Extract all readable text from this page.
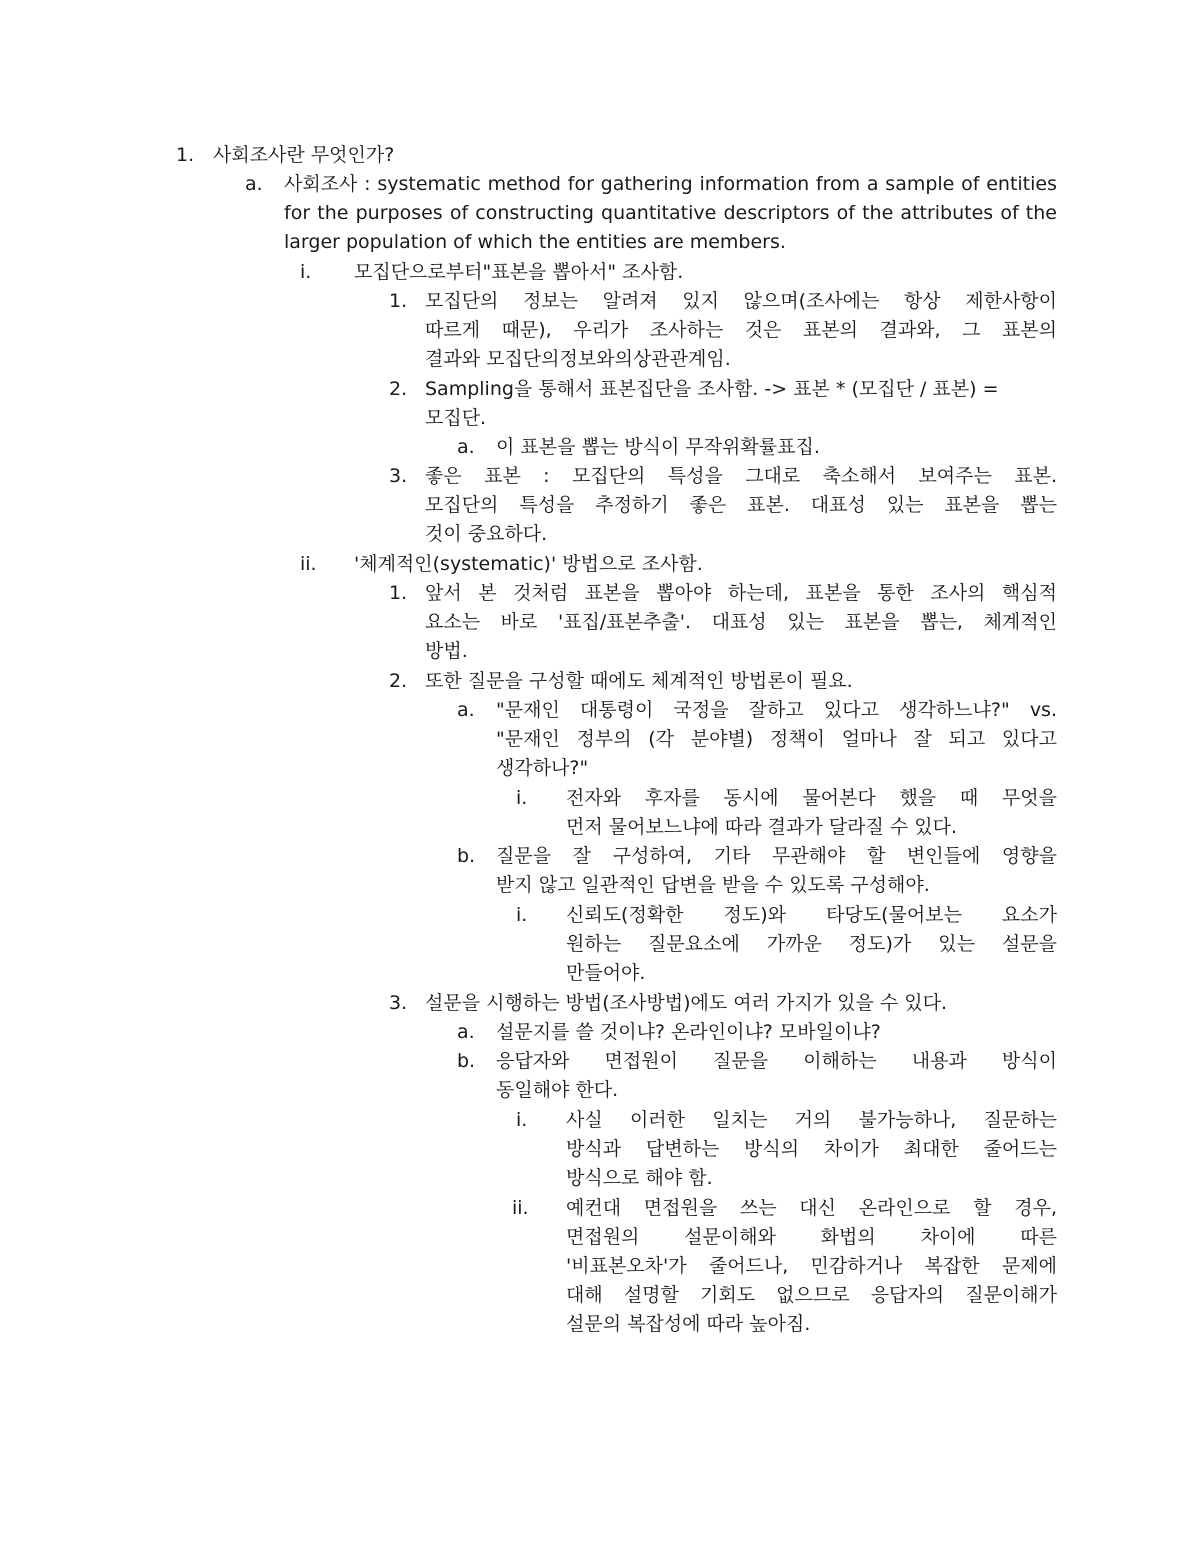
1. 사회조사란 무엇인가?
a. 사회조사 : systematic method for gathering information from a sample of entities
for the purposes of constructing quantitative descriptors of the attributes of the
larger population of which the entities are members.
i. 모집단으로부터"표본을 뽑아서" 조사함.
1. 모집단의 정보는 알려져 있지 않으며(조사에는 항상 제한사항이
따르게 때문), 우리가 조사하는 것은 표본의 결과와, 그 표본의
결과와 모집단의정보와의상관관계임.
2. Sampling을 통해서 표본집단을 조사함. -> 표본 * (모집단 / 표본) =
모집단.
a. 이 표본을 뽑는 방식이 무작위확률표집.
3. 좋은 표본 : 모집단의 특성을 그대로 축소해서 보여주는 표본.
모집단의 특성을 추정하기 좋은 표본. 대표성 있는 표본을 뽑는
것이 중요하다.
ii. '체계적인(systematic)' 방법으로 조사함.
1. 앞서 본 것처럼 표본을 뽑아야 하는데, 표본을 통한 조사의 핵심적
요소는 바로 '표집/표본추출'. 대표성 있는 표본을 뽑는, 체계적인
방법.
2. 또한 질문을 구성할 때에도 체계적인 방법론이 필요.
a. "문재인 대통령이 국정을 잘하고 있다고 생각하느냐?" vs.
"문재인 정부의 (각 분야별) 정책이 얼마나 잘 되고 있다고
생각하나?"
i. 전자와 후자를 동시에 물어본다 했을 때 무엇을
먼저 물어보느냐에 따라 결과가 달라질 수 있다.
b. 질문을 잘 구성하여, 기타 무관해야 할 변인들에 영향을
받지 않고 일관적인 답변을 받을 수 있도록 구성해야.
i. 신뢰도(정확한 정도)와 타당도(물어보는 요소가
원하는 질문요소에 가까운 정도)가 있는 설문을
만들어야.
3. 설문을 시행하는 방법(조사방법)에도 여러 가지가 있을 수 있다.
a. 설문지를 쓸 것이냐? 온라인이냐? 모바일이냐?
b. 응답자와 면접원이 질문을 이해하는 내용과 방식이
동일해야 한다.
i. 사실 이러한 일치는 거의 불가능하나, 질문하는
방식과 답변하는 방식의 차이가 최대한 줄어드는
방식으로 해야 함.
ii. 예컨대 면접원을 쓰는 대신 온라인으로 할 경우,
면접원의 설문이해와 화법의 차이에 따른
'비표본오차'가 줄어드나, 민감하거나 복잡한 문제에
대해 설명할 기회도 없으므로 응답자의 질문이해가
설문의 복잡성에 따라 높아짐.
